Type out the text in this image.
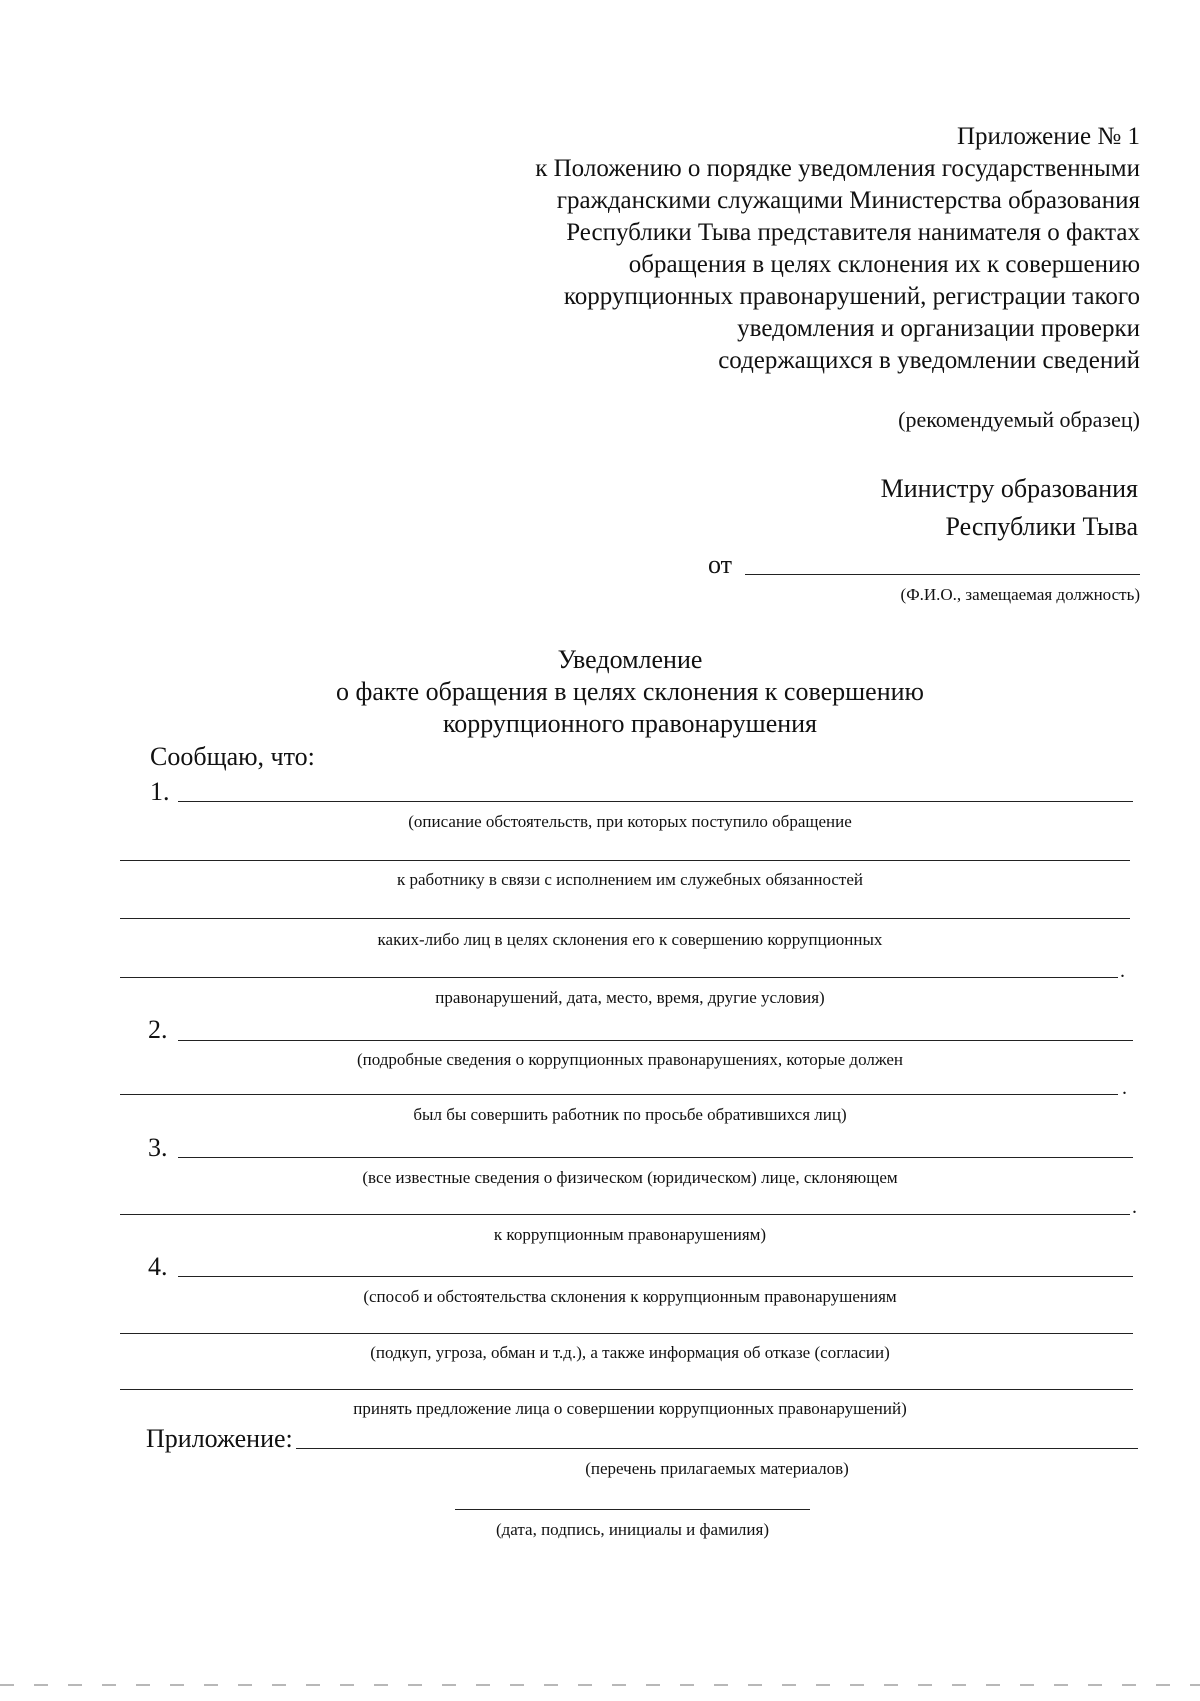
Приложение № 1
к Положению о порядке уведомления государственными
гражданскими служащими Министерства образования
Республики Тыва представителя нанимателя о фактах
обращения в целях склонения их к совершению
коррупционных правонарушений, регистрации такого
уведомления и организации проверки
содержащихся в уведомлении сведений
(рекомендуемый образец)
Министру образования
Республики Тыва
от
(Ф.И.О., замещаемая должность)
Уведомление
о факте обращения в целях склонения к совершению
коррупционного правонарушения
Сообщаю, что:
1.
(описание обстоятельств, при которых поступило обращение
к работнику в связи с исполнением им служебных обязанностей
каких-либо лиц в целях склонения его к совершению коррупционных
.
правонарушений, дата, место, время, другие условия)
2.
(подробные сведения о коррупционных правонарушениях, которые должен
.
был бы совершить работник по просьбе обратившихся лиц)
3.
(все известные сведения о физическом (юридическом) лице, склоняющем
.
к коррупционным правонарушениям)
4.
(способ и обстоятельства склонения к коррупционным правонарушениям
(подкуп, угроза, обман и т.д.), а также информация об отказе (согласии)
принять предложение лица о совершении коррупционных правонарушений)
Приложение:
(перечень прилагаемых материалов)
(дата, подпись, инициалы и фамилия)
